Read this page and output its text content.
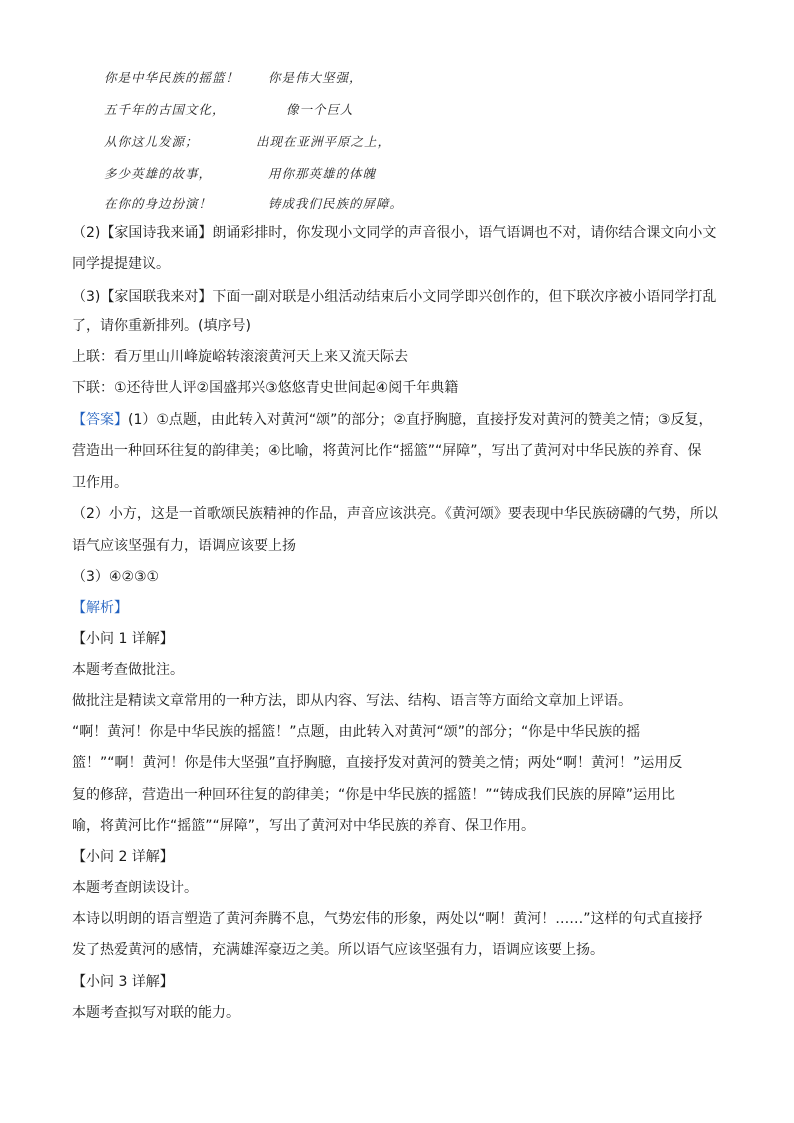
你是中华民族的摇篮！
五千年的古国文化，
从你这儿发源；
多少英雄的故事，
在你的身边扮演！
你是伟大坚强，
像一个巨人
出现在亚洲平原之上，
用你那英雄的体魄
铸成我们民族的屏障。
（2)【家国诗我来诵】朗诵彩排时，你发现小文同学的声音很小，语气语调也不对，请你结合课文向小文
同学提提建议。
（3)【家国联我来对】下面一副对联是小组活动结束后小文同学即兴创作的，但下联次序被小语同学打乱
了，请你重新排列。(填序号)
上联：看万里山川峰旋峪转滚滚黄河天上来又流天际去
下联：①还待世人评②国盛邦兴③悠悠青史世间起④阅千年典籍
【答案】(1）①点题，由此转入对黄河“颂”的部分；②直抒胸臆，直接抒发对黄河的赞美之情；③反复，
营造出一种回环往复的韵律美；④比喻，将黄河比作“摇篮”“屏障”，写出了黄河对中华民族的养育、保
卫作用。
（2）小方，这是一首歌颂民族精神的作品，声音应该洪亮。《黄河颂》要表现中华民族磅礴的气势，所以
语气应该坚强有力，语调应该要上扬
（3）④②③①
【解析】
【小问 1 详解】
本题考查做批注。
做批注是精读文章常用的一种方法，即从内容、写法、结构、语言等方面给文章加上评语。
“啊！黄河！你是中华民族的摇篮！”点题，由此转入对黄河“颂”的部分；“你是中华民族的摇
篮！”“啊！黄河！你是伟大坚强”直抒胸臆，直接抒发对黄河的赞美之情；两处“啊！黄河！”运用反
复的修辞，营造出一种回环往复的韵律美；“你是中华民族的摇篮！”“铸成我们民族的屏障”运用比
喻，将黄河比作“摇篮”“屏障”，写出了黄河对中华民族的养育、保卫作用。
【小问 2 详解】
本题考查朗读设计。
本诗以明朗的语言塑造了黄河奔腾不息，气势宏伟的形象，两处以“啊！黄河！……”这样的句式直接抒
发了热爱黄河的感情，充满雄浑豪迈之美。所以语气应该坚强有力，语调应该要上扬。
【小问 3 详解】
本题考查拟写对联的能力。
